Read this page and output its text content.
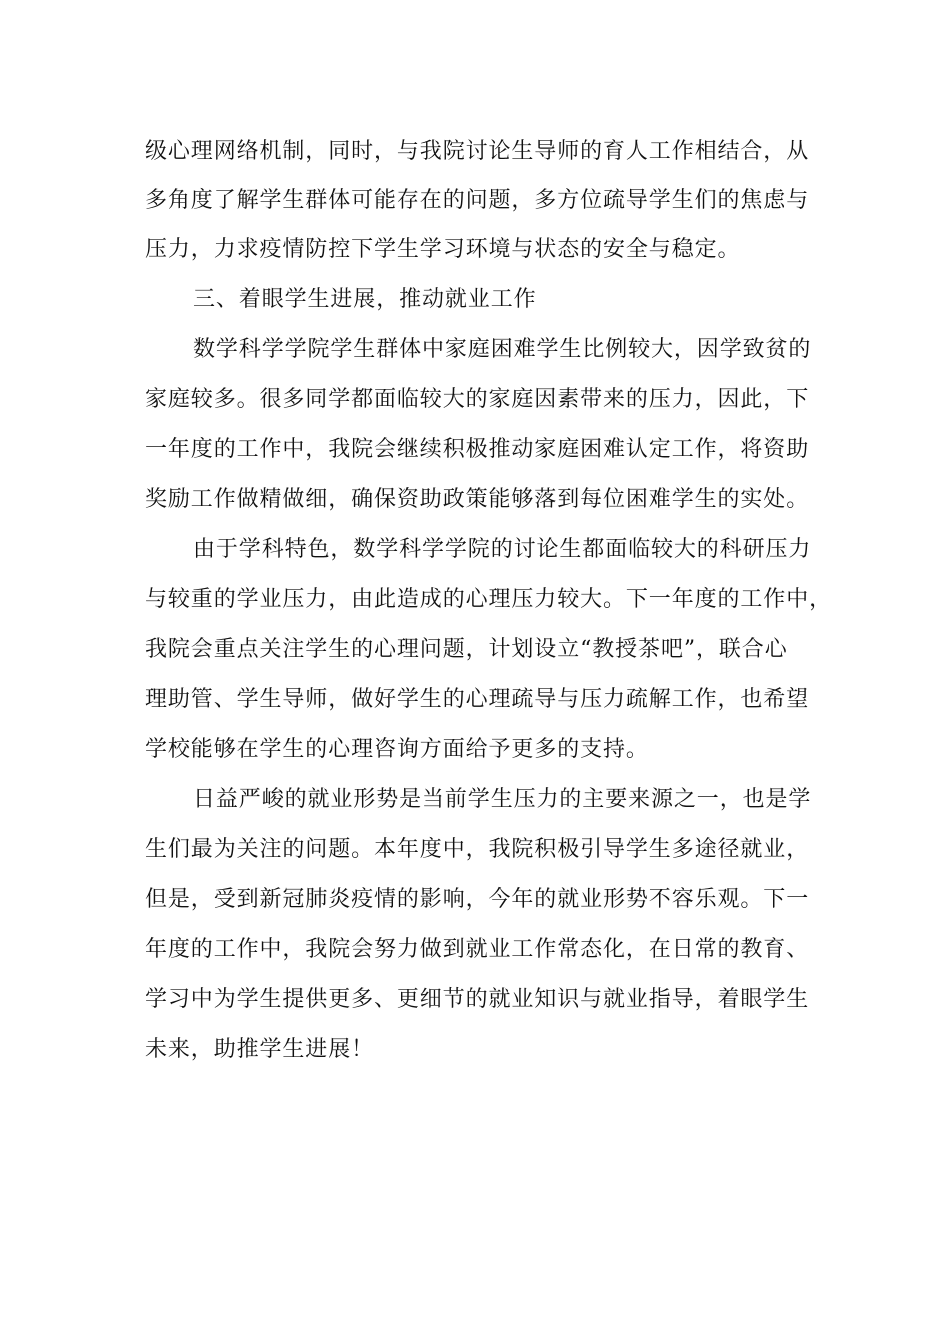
级心理网络机制，同时，与我院讨论生导师的育人工作相结合，从
多角度了解学生群体可能存在的问题，多方位疏导学生们的焦虑与
压力，力求疫情防控下学生学习环境与状态的安全与稳定。
三、着眼学生进展，推动就业工作
数学科学学院学生群体中家庭困难学生比例较大，因学致贫的
家庭较多。很多同学都面临较大的家庭因素带来的压力，因此，下
一年度的工作中，我院会继续积极推动家庭困难认定工作，将资助
奖励工作做精做细，确保资助政策能够落到每位困难学生的实处。
由于学科特色，数学科学学院的讨论生都面临较大的科研压力
与较重的学业压力，由此造成的心理压力较大。下一年度的工作中，
我院会重点关注学生的心理问题，计划设立“教授茶吧”，联合心
理助管、学生导师，做好学生的心理疏导与压力疏解工作，也希望
学校能够在学生的心理咨询方面给予更多的支持。
日益严峻的就业形势是当前学生压力的主要来源之一，也是学
生们最为关注的问题。本年度中，我院积极引导学生多途径就业，
但是，受到新冠肺炎疫情的影响，今年的就业形势不容乐观。下一
年度的工作中，我院会努力做到就业工作常态化，在日常的教育、
学习中为学生提供更多、更细节的就业知识与就业指导，着眼学生
未来，助推学生进展！
